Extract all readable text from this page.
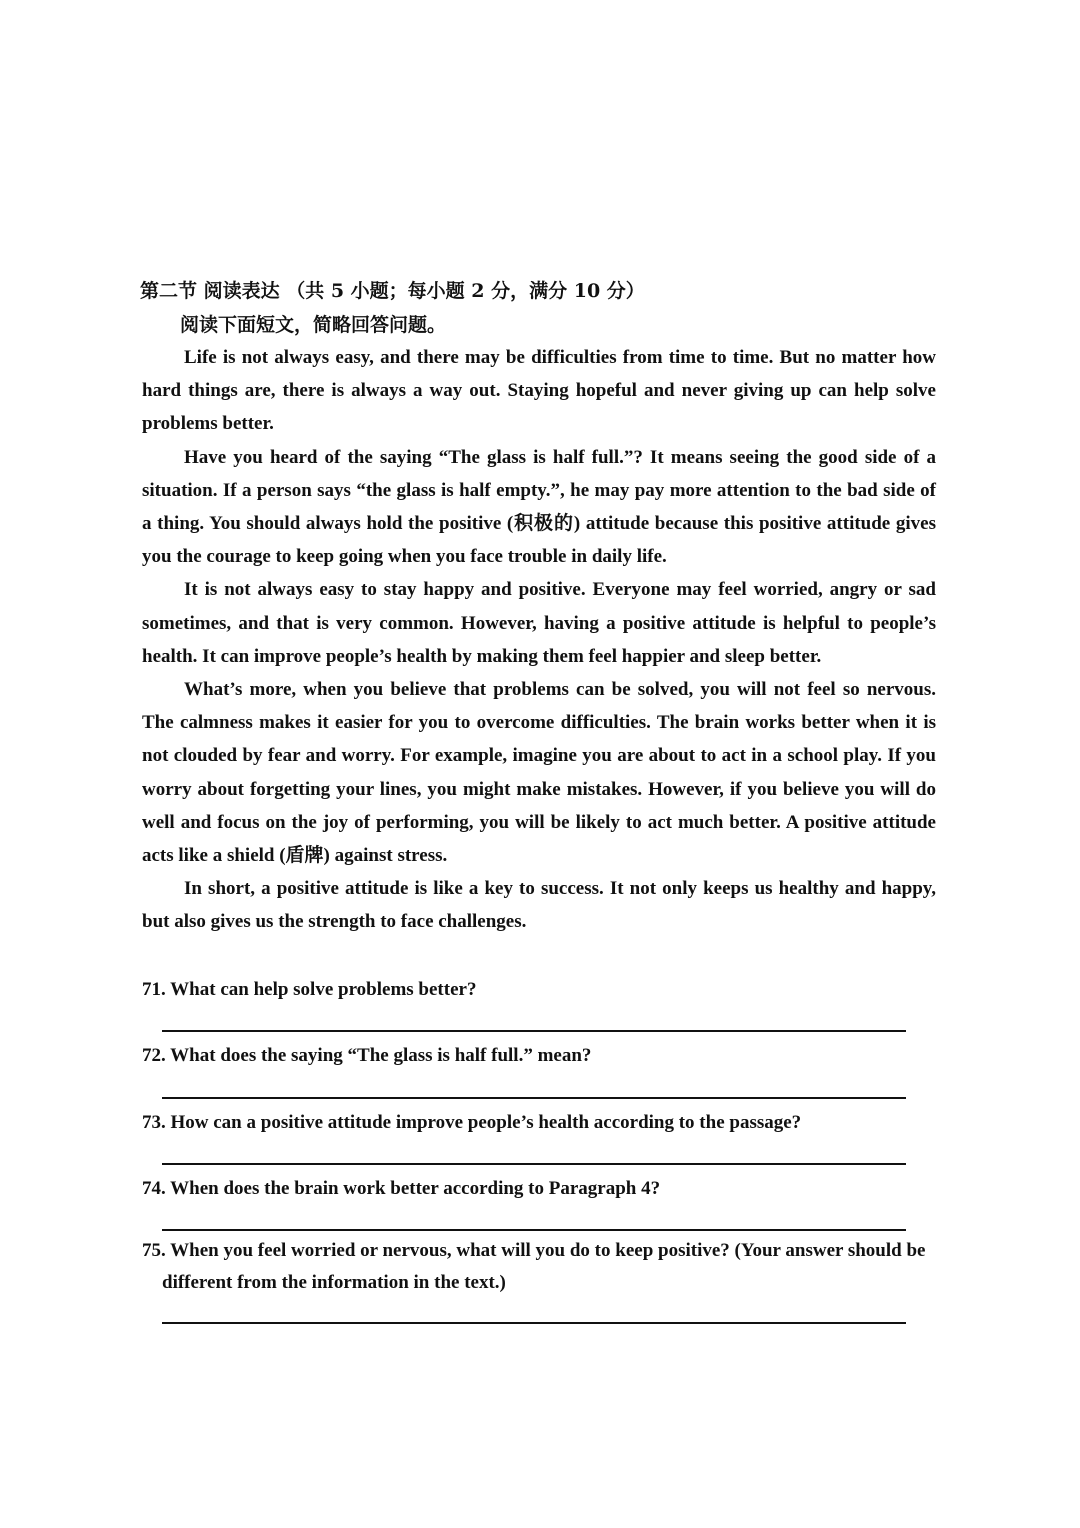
第二节 阅读表达 （共 5 小题；每小题 2 分，满分 10 分）
阅读下面短文，简略回答问题。

Life is not always easy, and there may be difficulties from time to time. But no matter how hard things are, there is always a way out. Staying hopeful and never giving up can help solve problems better.

Have you heard of the saying “The glass is half full.”? It means seeing the good side of a situation. If a person says “the glass is half empty.”, he may pay more attention to the bad side of a thing. You should always hold the positive (积极的) attitude because this positive attitude gives you the courage to keep going when you face trouble in daily life.

It is not always easy to stay happy and positive. Everyone may feel worried, angry or sad sometimes, and that is very common. However, having a positive attitude is helpful to people’s health. It can improve people’s health by making them feel happier and sleep better.

What’s more, when you believe that problems can be solved, you will not feel so nervous. The calmness makes it easier for you to overcome difficulties. The brain works better when it is not clouded by fear and worry. For example, imagine you are about to act in a school play. If you worry about forgetting your lines, you might make mistakes. However, if you believe you will do well and focus on the joy of performing, you will be likely to act much better. A positive attitude acts like a shield (盾牌) against stress.

In short, a positive attitude is like a key to success. It not only keeps us healthy and happy, but also gives us the strength to face challenges.

71. What can help solve problems better?
72. What does the saying “The glass is half full.” mean?
73. How can a positive attitude improve people’s health according to the passage?
74. When does the brain work better according to Paragraph 4?
75. When you feel worried or nervous, what will you do to keep positive? (Your answer should be different from the information in the text.)
